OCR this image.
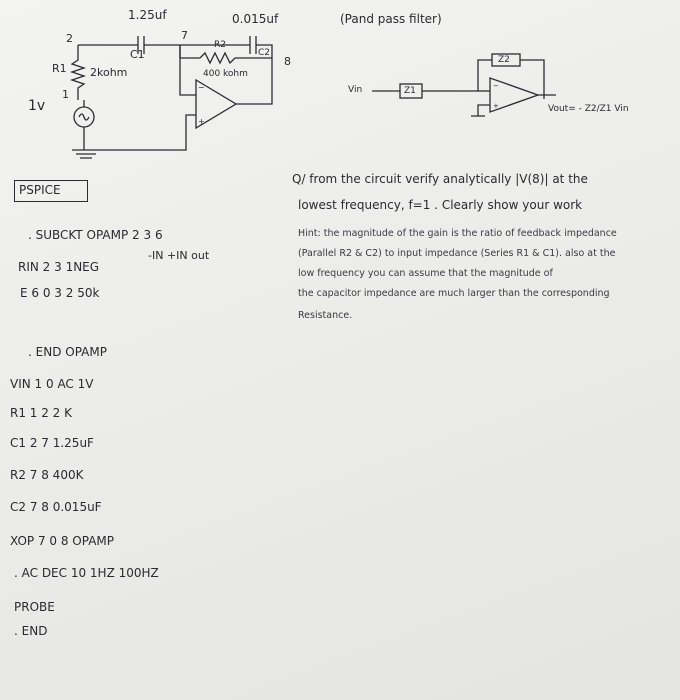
−
+
−
+
1.25uf	0.015uf
2	7
8
C1	C2
R2
400 kohm
R1 2kohm
1
1v
(Pand pass filter)
Z1
Z2
Vin
Vout= - Z2/Z1 Vin
PSPICE
. SUBCKT OPAMP 2 3 6
-IN +IN out
RIN 2 3 1NEG
E 6 0 3 2 50k
. END OPAMP
VIN 1 0 AC 1V
R1 1 2 2 K
C1 2 7 1.25uF
R2 7 8 400K
C2 7 8 0.015uF
XOP 7 0 8 OPAMP
. AC DEC 10 1HZ 100HZ
PROBE
. END
Q/ from the circuit verify analytically |V(8)| at the
lowest frequency, f=1 . Clearly show your work
Hint: the magnitude of the gain is the ratio of feedback impedance
(Parallel R2 & C2) to input impedance (Series R1 & C1). also at the
low frequency you can assume that the magnitude of
the capacitor impedance are much larger than the corresponding
Resistance.
